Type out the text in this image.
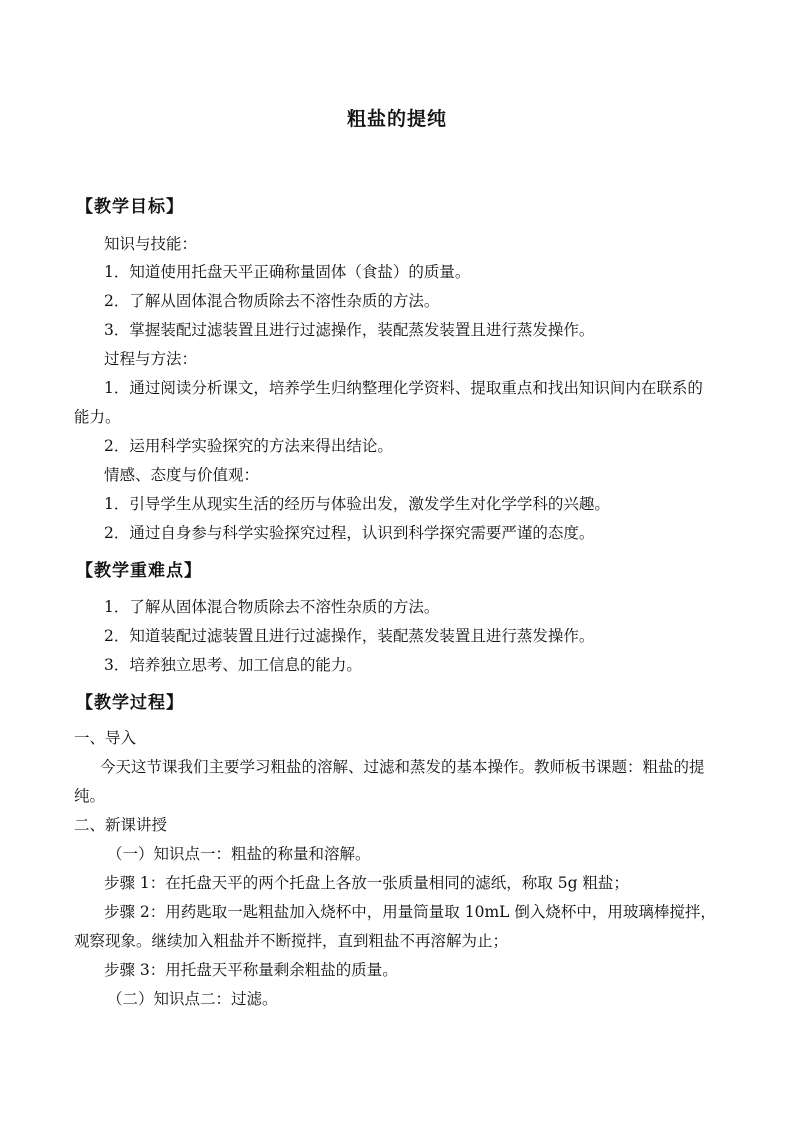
粗盐的提纯
【教学目标】
知识与技能：
1．知道使用托盘天平正确称量固体（食盐）的质量。
2．了解从固体混合物质除去不溶性杂质的方法。
3．掌握装配过滤装置且进行过滤操作，装配蒸发装置且进行蒸发操作。
过程与方法：
1．通过阅读分析课文，培养学生归纳整理化学资料、提取重点和找出知识间内在联系的
能力。
2．运用科学实验探究的方法来得出结论。
情感、态度与价值观：
1．引导学生从现实生活的经历与体验出发，激发学生对化学学科的兴趣。
2．通过自身参与科学实验探究过程，认识到科学探究需要严谨的态度。
【教学重难点】
1．了解从固体混合物质除去不溶性杂质的方法。
2．知道装配过滤装置且进行过滤操作，装配蒸发装置且进行蒸发操作。
3．培养独立思考、加工信息的能力。
【教学过程】
一、导入
今天这节课我们主要学习粗盐的溶解、过滤和蒸发的基本操作。教师板书课题：粗盐的提
纯。
二、新课讲授
（一）知识点一：粗盐的称量和溶解。
步骤 1：在托盘天平的两个托盘上各放一张质量相同的滤纸，称取 5g 粗盐；
步骤 2：用药匙取一匙粗盐加入烧杯中，用量筒量取 10mL 倒入烧杯中，用玻璃棒搅拌，
观察现象。继续加入粗盐并不断搅拌，直到粗盐不再溶解为止；
步骤 3：用托盘天平称量剩余粗盐的质量。
（二）知识点二：过滤。
